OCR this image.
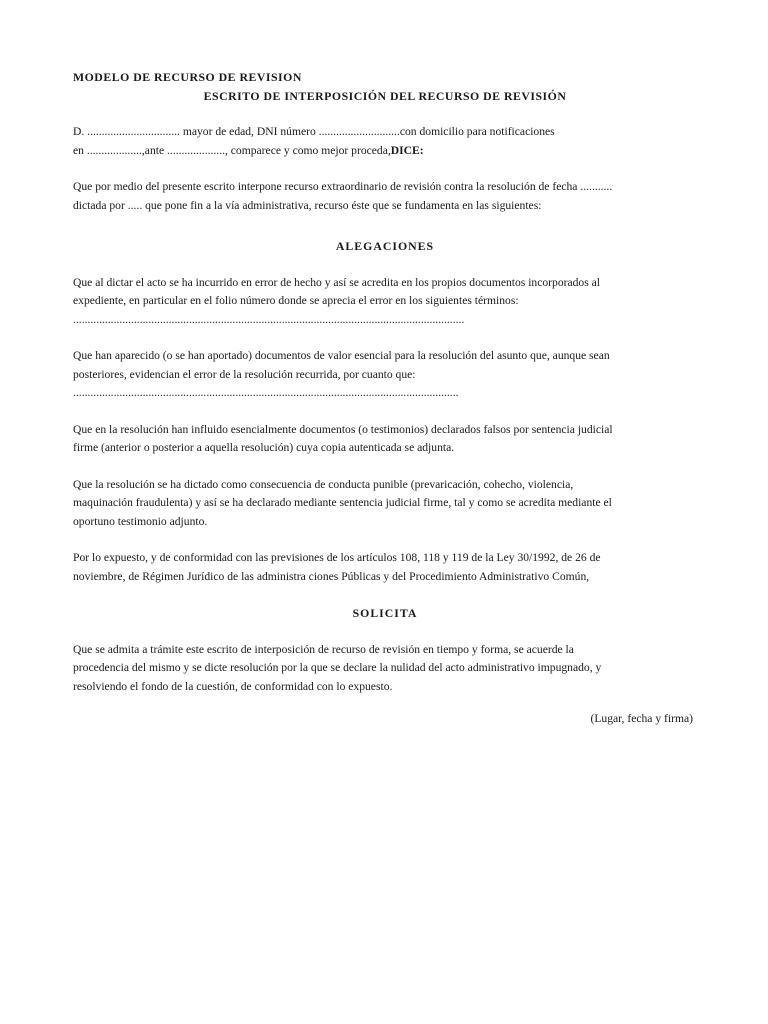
MODELO DE RECURSO DE REVISION
ESCRITO DE INTERPOSICIÓN DEL RECURSO DE REVISIÓN
D. ................................ mayor de edad, DNI número ............................con domicilio para notificaciones
en ...................,ante ...................., comparece y como mejor proceda,DICE:
Que por medio del presente escrito interpone recurso extraordinario de revisión contra la resolución de fecha ...........
dictada por ..... que pone fin a la vía administrativa, recurso éste que se fundamenta en las siguientes:
ALEGACIONES
Que al dictar el acto se ha incurrido en error de hecho y así se acredita en los propios documentos incorporados al
expediente, en particular en el folio número donde se aprecia el error en los siguientes términos:
.......................................................................................................................................
Que han aparecido (o se han aportado) documentos de valor esencial para la resolución del asunto que, aunque sean
posteriores, evidencian el error de la resolución recurrida, por cuanto que:
.....................................................................................................................................
Que en la resolución han influido esencialmente documentos (o testimonios) declarados falsos por sentencia judicial
firme (anterior o posterior a aquella resolución) cuya copia autenticada se adjunta.
Que la resolución se ha dictado como consecuencia de conducta punible (prevaricación, cohecho, violencia,
maquinación fraudulenta) y así se ha declarado mediante sentencia judicial firme, tal y como se acredita mediante el
oportuno testimonio adjunto.
Por lo expuesto, y de conformidad con las previsiones de los artículos 108, 118 y 119 de la Ley 30/1992, de 26 de
noviembre, de Régimen Jurídico de las administra ciones Públicas y del Procedimiento Administrativo Común,
SOLICITA
Que se admita a trámite este escrito de interposición de recurso de revisión en tiempo y forma, se acuerde la
procedencia del mismo y se dicte resolución por la que se declare la nulidad del acto administrativo impugnado, y
resolviendo el fondo de la cuestión, de conformidad con lo expuesto.
(Lugar, fecha y firma)
